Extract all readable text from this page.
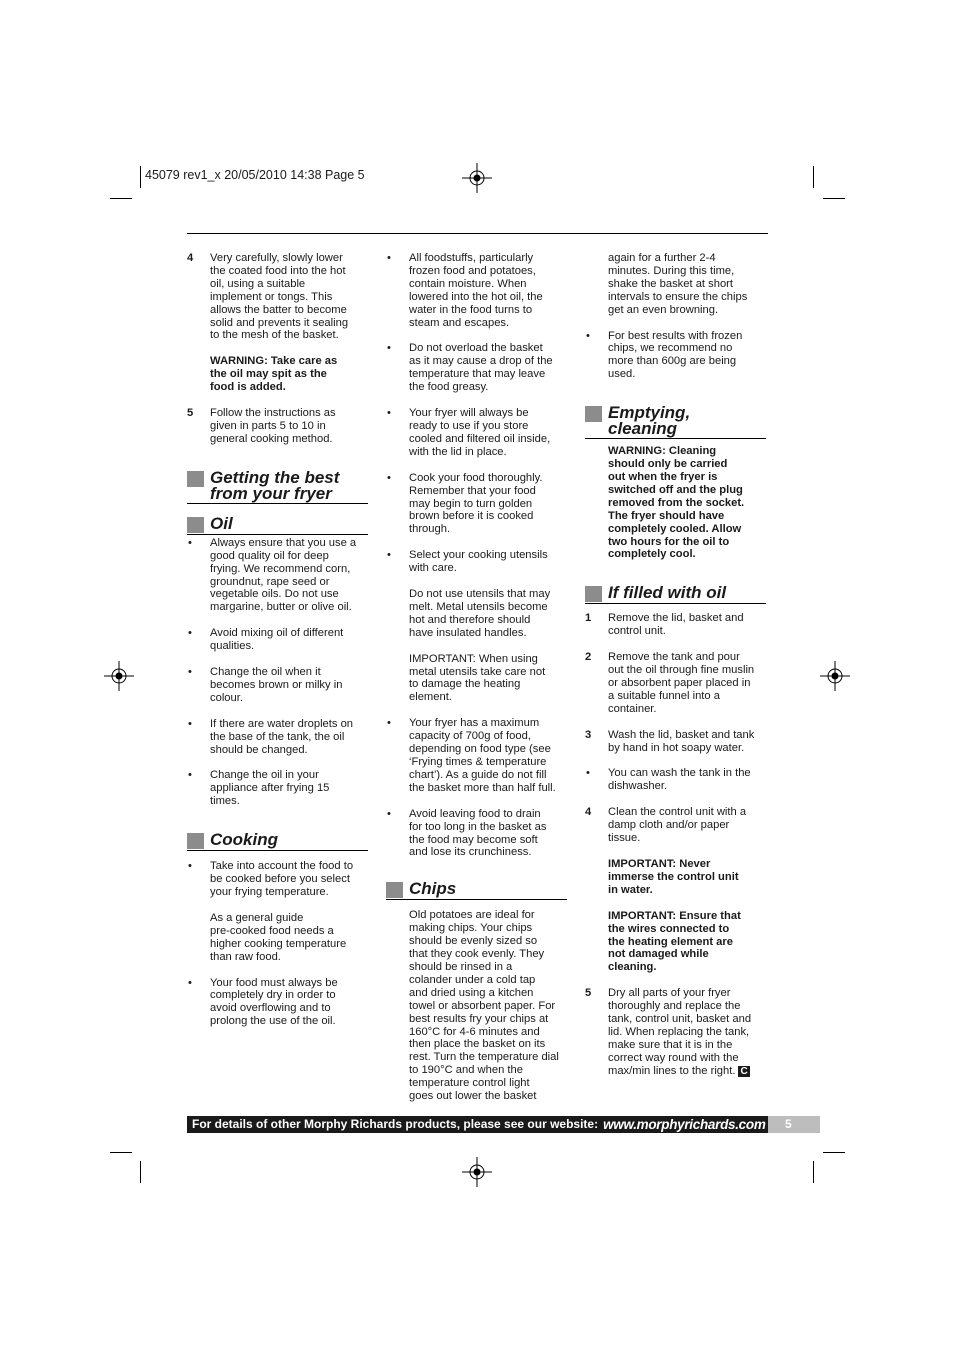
45079 rev1_x 20/05/2010 14:38 Page 5
4 Very carefully, slowly lower
the coated food into the hot
oil, using a suitable
implement or tongs. This
allows the batter to become
solid and prevents it sealing
to the mesh of the basket.
WARNING: Take care as
the oil may spit as the
food is added.
5 Follow the instructions as
given in parts 5 to 10 in
general cooking method.
Getting the best
from your fryer
Oil
• Always ensure that you use a
good quality oil for deep
frying. We recommend corn,
groundnut, rape seed or
vegetable oils. Do not use
margarine, butter or olive oil.
• Avoid mixing oil of different
qualities.
• Change the oil when it
becomes brown or milky in
colour.
• If there are water droplets on
the base of the tank, the oil
should be changed.
• Change the oil in your
appliance after frying 15
times.
Cooking
• Take into account the food to
be cooked before you select
your frying temperature.
As a general guide
pre-cooked food needs a
higher cooking temperature
than raw food.
• Your food must always be
completely dry in order to
avoid overflowing and to
prolong the use of the oil.
• All foodstuffs, particularly
frozen food and potatoes,
contain moisture. When
lowered into the hot oil, the
water in the food turns to
steam and escapes.
• Do not overload the basket
as it may cause a drop of the
temperature that may leave
the food greasy.
• Your fryer will always be
ready to use if you store
cooled and filtered oil inside,
with the lid in place.
• Cook your food thoroughly.
Remember that your food
may begin to turn golden
brown before it is cooked
through.
• Select your cooking utensils
with care.
Do not use utensils that may
melt. Metal utensils become
hot and therefore should
have insulated handles.
IMPORTANT: When using
metal utensils take care not
to damage the heating
element.
• Your fryer has a maximum
capacity of 700g of food,
depending on food type (see
‘Frying times & temperature
chart’). As a guide do not fill
the basket more than half full.
• Avoid leaving food to drain
for too long in the basket as
the food may become soft
and lose its crunchiness.
Chips
Old potatoes are ideal for
making chips. Your chips
should be evenly sized so
that they cook evenly. They
should be rinsed in a
colander under a cold tap
and dried using a kitchen
towel or absorbent paper. For
best results fry your chips at
160°C for 4-6 minutes and
then place the basket on its
rest. Turn the temperature dial
to 190°C and when the
temperature control light
goes out lower the basket
again for a further 2-4
minutes. During this time,
shake the basket at short
intervals to ensure the chips
get an even browning.
• For best results with frozen
chips, we recommend no
more than 600g are being
used.
Emptying,
cleaning
WARNING: Cleaning
should only be carried
out when the fryer is
switched off and the plug
removed from the socket.
The fryer should have
completely cooled. Allow
two hours for the oil to
completely cool.
If filled with oil
1 Remove the lid, basket and
control unit.
2 Remove the tank and pour
out the oil through fine muslin
or absorbent paper placed in
a suitable funnel into a
container.
3 Wash the lid, basket and tank
by hand in hot soapy water.
• You can wash the tank in the
dishwasher.
4 Clean the control unit with a
damp cloth and/or paper
tissue.
IMPORTANT: Never
immerse the control unit
in water.
IMPORTANT: Ensure that
the wires connected to
the heating element are
not damaged while
cleaning.
5 Dry all parts of your fryer
thoroughly and replace the
tank, control unit, basket and
lid. When replacing the tank,
make sure that it is in the
correct way round with the
max/min lines to the right. C
For details of other Morphy Richards products, please see our website: www.morphyrichards.com	5
